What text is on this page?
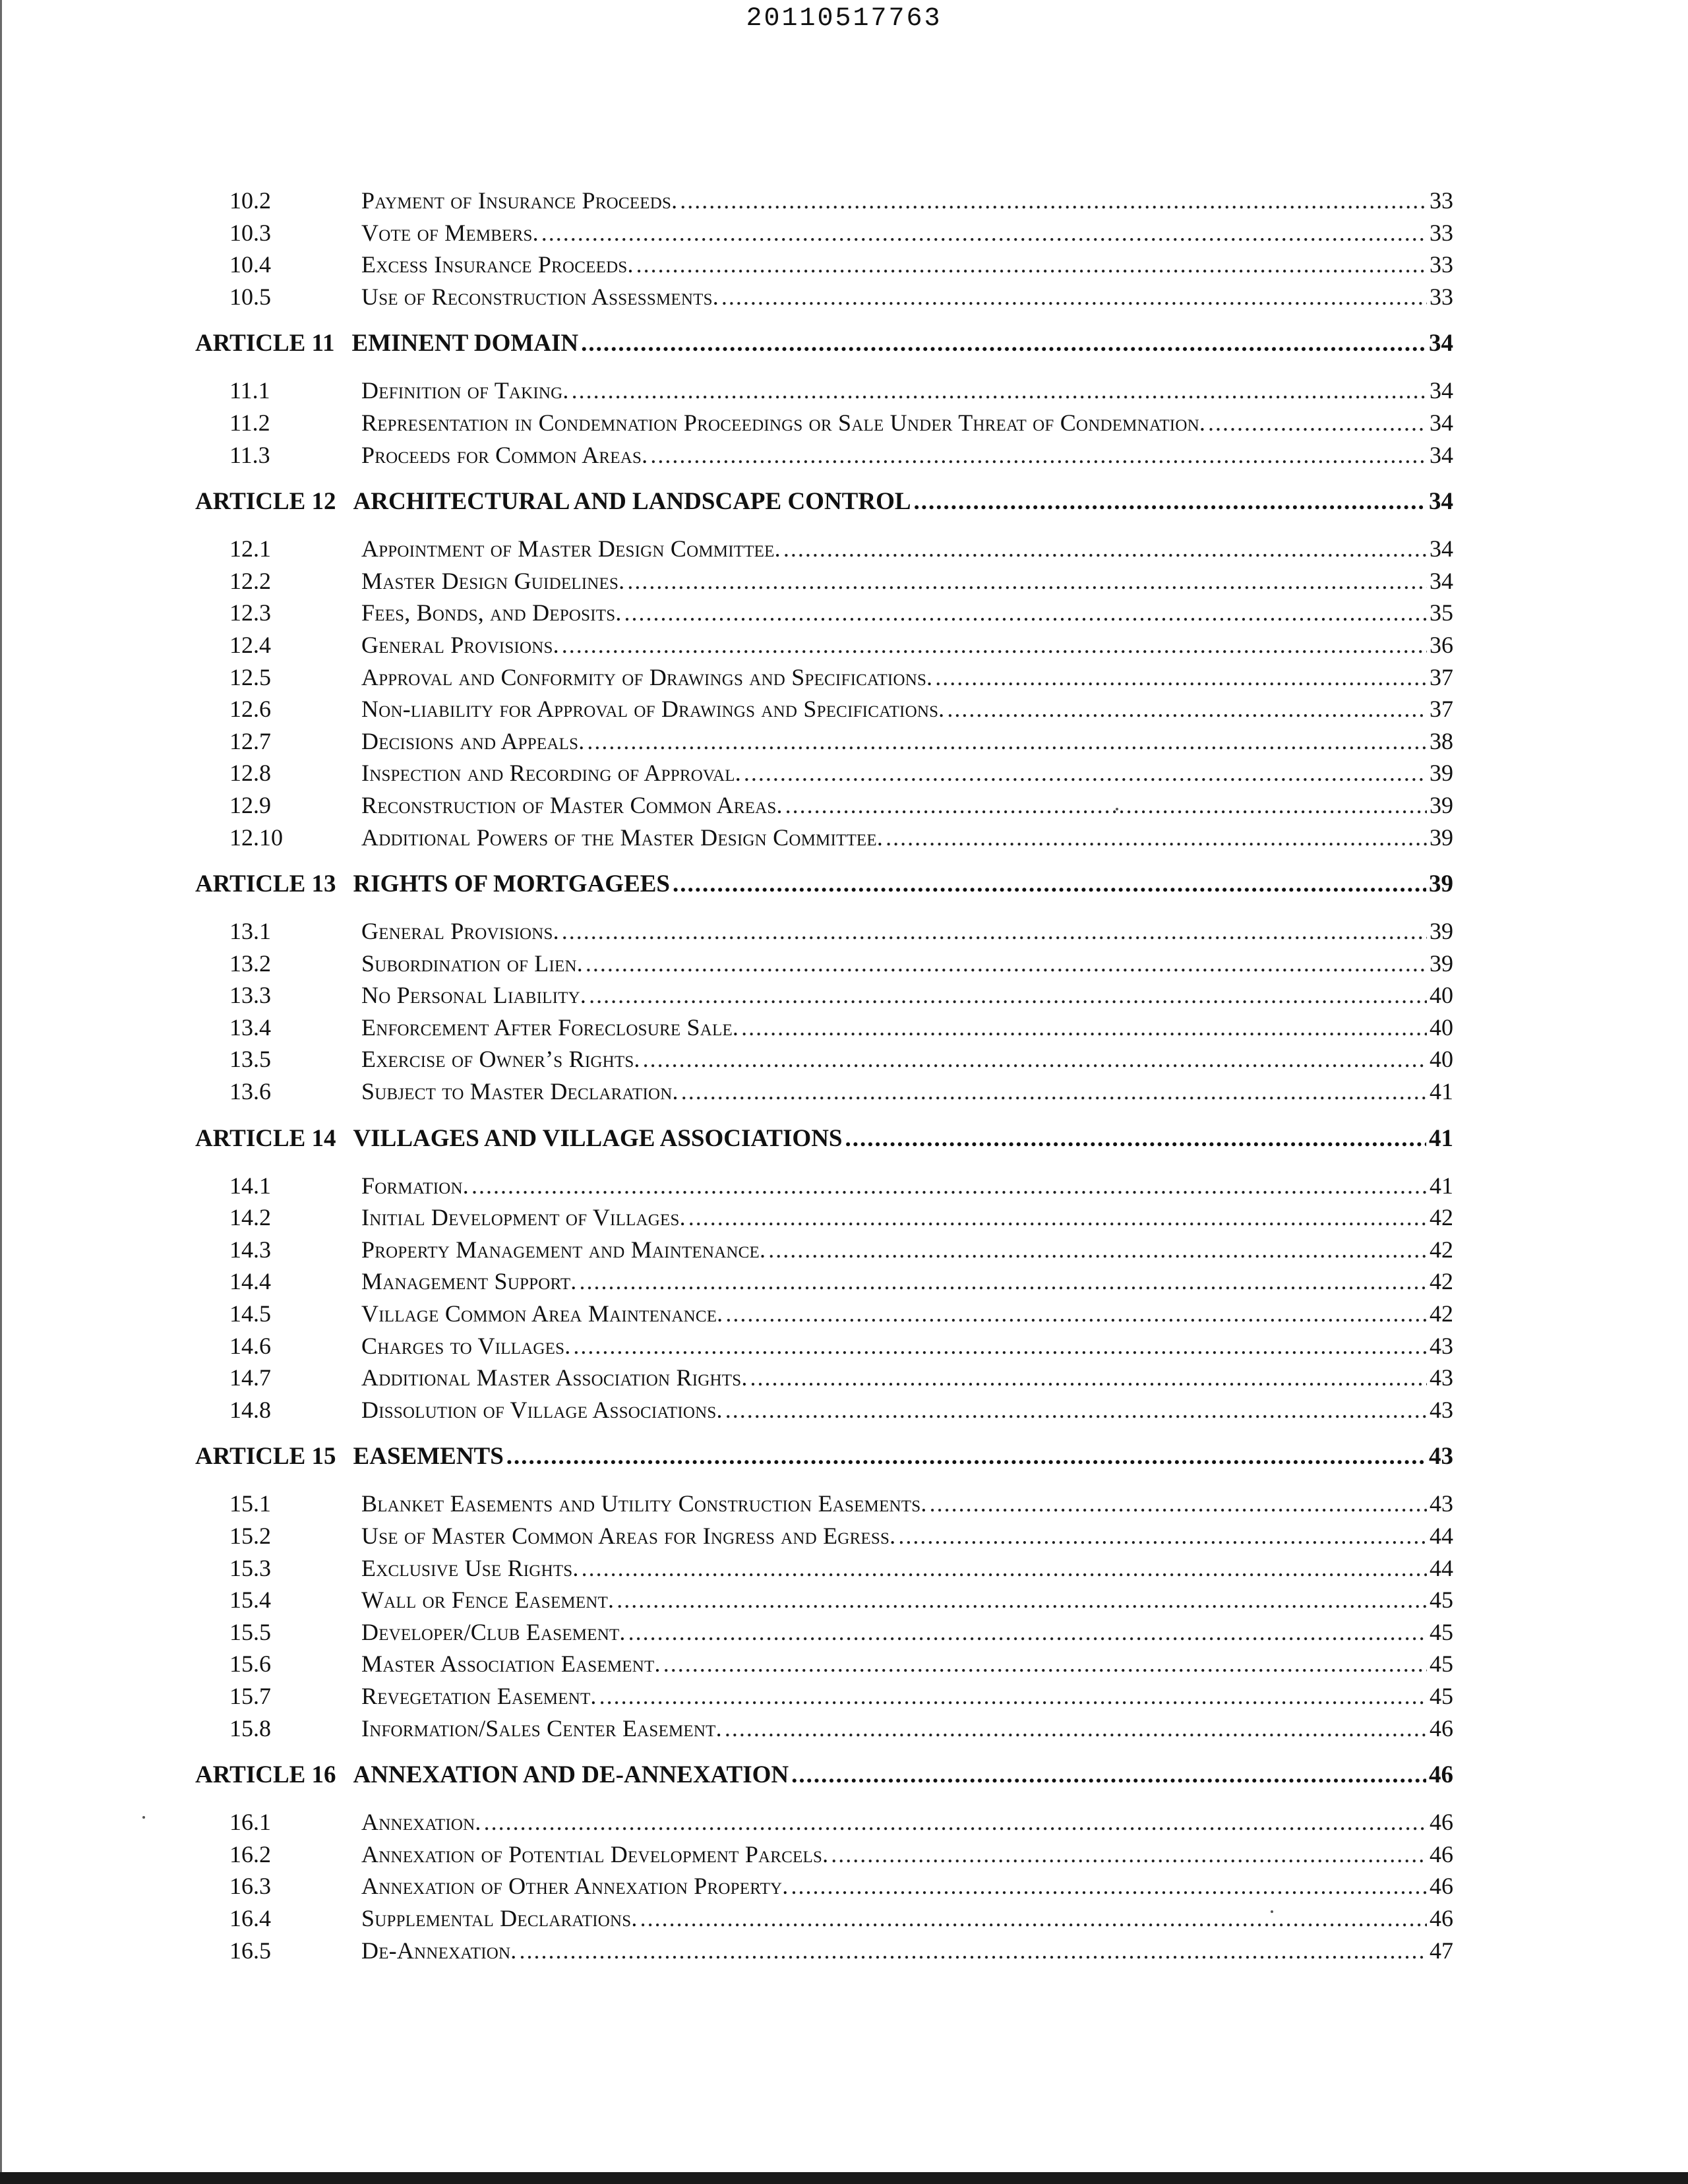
20110517763
10.2	Payment of Insurance Proceeds. .....	33
10.3	Vote of Members. .....	33
10.4	Excess Insurance Proceeds. .....	33
10.5	Use of Reconstruction Assessments. .....	33
ARTICLE 11 EMINENT DOMAIN .....	34
11.1	Definition of Taking. .....	34
11.2	Representation in Condemnation Proceedings or Sale Under Threat of Condemnation. .....	34
11.3	Proceeds for Common Areas. .....	34
ARTICLE 12 ARCHITECTURAL AND LANDSCAPE CONTROL .....	34
12.1	Appointment of Master Design Committee. .....	34
12.2	Master Design Guidelines. .....	34
12.3	Fees, Bonds, and Deposits. .....	35
12.4	General Provisions. .....	36
12.5	Approval and Conformity of Drawings and Specifications. .....	37
12.6	Non-liability for Approval of Drawings and Specifications. .....	37
12.7	Decisions and Appeals. .....	38
12.8	Inspection and Recording of Approval. .....	39
12.9	Reconstruction of Master Common Areas. .....	39
12.10	Additional Powers of the Master Design Committee. .....	39
ARTICLE 13 RIGHTS OF MORTGAGEES .....	39
13.1	General Provisions. .....	39
13.2	Subordination of Lien. .....	39
13.3	No Personal Liability. .....	40
13.4	Enforcement After Foreclosure Sale. .....	40
13.5	Exercise of Owner’s Rights. .....	40
13.6	Subject to Master Declaration. .....	41
ARTICLE 14 VILLAGES AND VILLAGE ASSOCIATIONS .....	41
14.1	Formation. .....	41
14.2	Initial Development of Villages. .....	42
14.3	Property Management and Maintenance. .....	42
14.4	Management Support. .....	42
14.5	Village Common Area Maintenance. .....	42
14.6	Charges to Villages. .....	43
14.7	Additional Master Association Rights. .....	43
14.8	Dissolution of Village Associations. .....	43
ARTICLE 15 EASEMENTS .....	43
15.1	Blanket Easements and Utility Construction Easements. .....	43
15.2	Use of Master Common Areas for Ingress and Egress. .....	44
15.3	Exclusive Use Rights. .....	44
15.4	Wall or Fence Easement. .....	45
15.5	Developer/Club Easement. .....	45
15.6	Master Association Easement. .....	45
15.7	Revegetation Easement. .....	45
15.8	Information/Sales Center Easement. .....	46
ARTICLE 16 ANNEXATION AND DE-ANNEXATION .....	46
16.1	Annexation. .....	46
16.2	Annexation of Potential Development Parcels. .....	46
16.3	Annexation of Other Annexation Property. .....	46
16.4	Supplemental Declarations. .....	46
16.5	De-Annexation. .....	47
